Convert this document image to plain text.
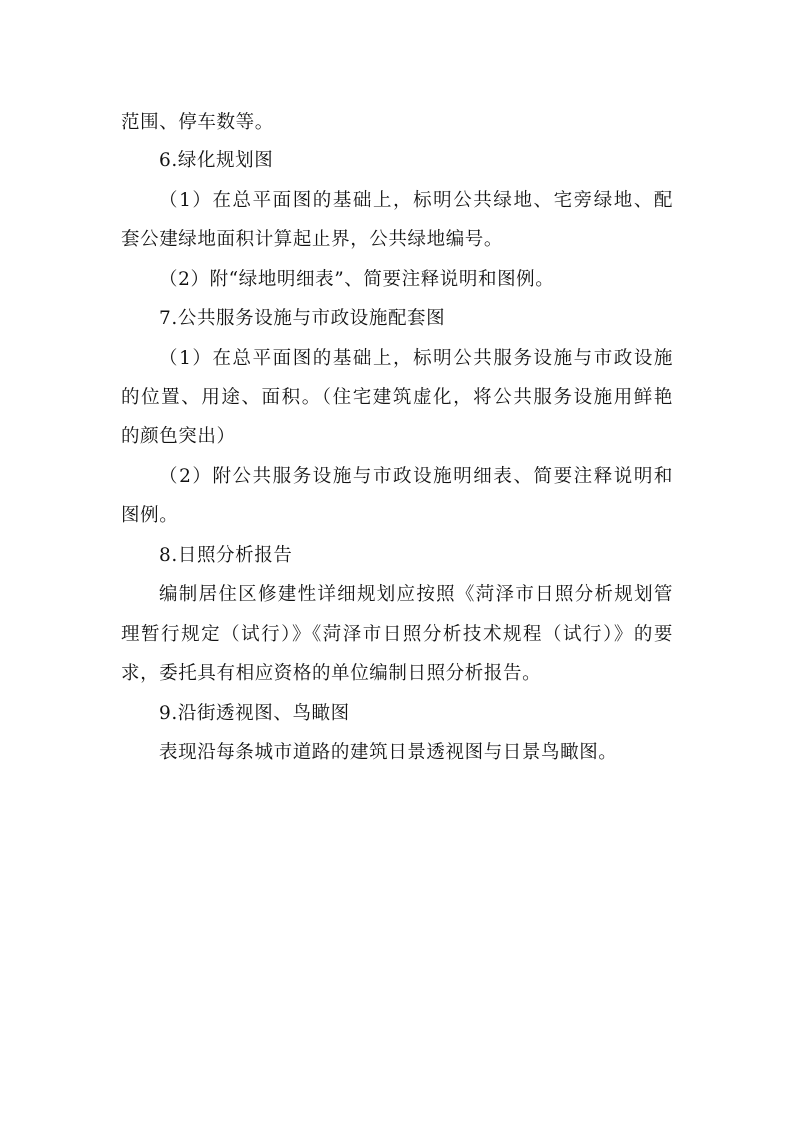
范围、停车数等。
6.绿化规划图
（1）在总平面图的基础上，标明公共绿地、宅旁绿地、配
套公建绿地面积计算起止界，公共绿地编号。
（2）附“绿地明细表”、简要注释说明和图例。
7.公共服务设施与市政设施配套图
（1）在总平面图的基础上，标明公共服务设施与市政设施
的位置、用途、面积。（住宅建筑虚化，将公共服务设施用鲜艳
的颜色突出）
（2）附公共服务设施与市政设施明细表、简要注释说明和
图例。
8.日照分析报告
编制居住区修建性详细规划应按照《菏泽市日照分析规划管
理暂行规定（试行）》《菏泽市日照分析技术规程（试行）》的要
求，委托具有相应资格的单位编制日照分析报告。
9.沿街透视图、鸟瞰图
表现沿每条城市道路的建筑日景透视图与日景鸟瞰图。
